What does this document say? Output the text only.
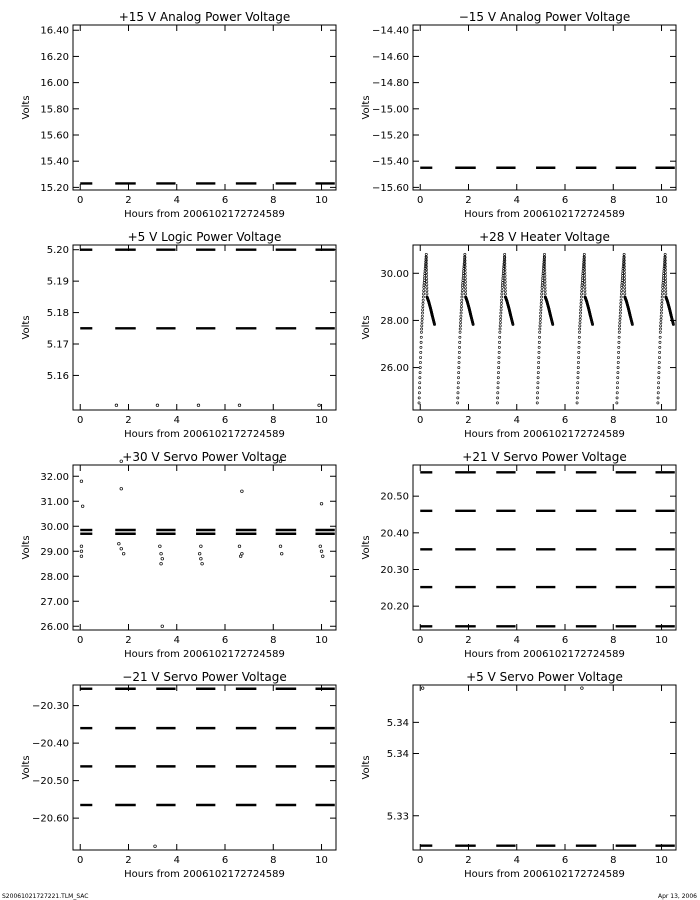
+15 V Analog Power Voltage
Volts
Hours from 2006102172724589
0	2	4	6	8	10
15.20
15.40
15.60
15.80
16.00
16.20
16.40
−15 V Analog Power Voltage
Volts
Hours from 2006102172724589
0	2	4	6	8	10
−15.60
−15.40
−15.20
−15.00
−14.80
−14.60
−14.40
+5 V Logic Power Voltage
Volts
Hours from 2006102172724589
0	2	4	6	8	10
5.16
5.17
5.18
5.19
5.20
+28 V Heater Voltage
Volts
Hours from 2006102172724589
0	2	4	6	8	10
26.00
28.00
30.00
+30 V Servo Power Voltage
Volts
Hours from 2006102172724589
0	2	4	6	8	10
26.00
27.00
28.00
29.00
30.00
31.00
32.00
+21 V Servo Power Voltage
Volts
Hours from 2006102172724589
0	2	4	6	8	10
20.20
20.30
20.40
20.50
−21 V Servo Power Voltage
Volts
Hours from 2006102172724589
0	2	4	6	8	10
−20.60
−20.50
−20.40
−20.30
+5 V Servo Power Voltage
Volts
Hours from 2006102172724589
0	2	4	6	8	10
5.33
5.34
5.34
S20061021727221.TLM_SAC	Apr 13, 2006
